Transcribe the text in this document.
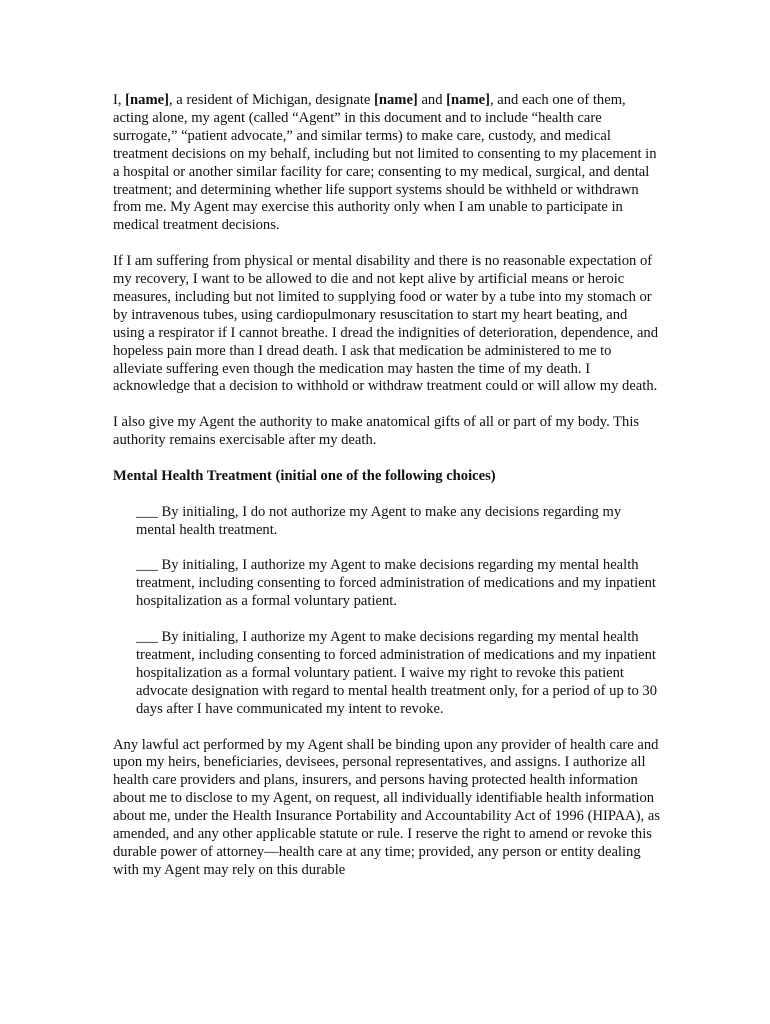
I, [name], a resident of Michigan, designate [name] and [name], and each one of them, acting alone, my agent (called “Agent” in this document and to include “health care surrogate,” “patient advocate,” and similar terms) to make care, custody, and medical treatment decisions on my behalf, including but not limited to consenting to my placement in a hospital or another similar facility for care; consenting to my medical, surgical, and dental treatment; and determining whether life support systems should be withheld or withdrawn from me. My Agent may exercise this authority only when I am unable to participate in medical treatment decisions.

If I am suffering from physical or mental disability and there is no reasonable expectation of my recovery, I want to be allowed to die and not kept alive by artificial means or heroic measures, including but not limited to supplying food or water by a tube into my stomach or by intravenous tubes, using cardiopulmonary resuscitation to start my heart beating, and using a respirator if I cannot breathe. I dread the indignities of deterioration, dependence, and hopeless pain more than I dread death. I ask that medication be administered to me to alleviate suffering even though the medication may hasten the time of my death. I acknowledge that a decision to withhold or withdraw treatment could or will allow my death.

I also give my Agent the authority to make anatomical gifts of all or part of my body. This authority remains exercisable after my death.

Mental Health Treatment (initial one of the following choices)

___ By initialing, I do not authorize my Agent to make any decisions regarding my mental health treatment.

___ By initialing, I authorize my Agent to make decisions regarding my mental health treatment, including consenting to forced administration of medications and my inpatient hospitalization as a formal voluntary patient.

___ By initialing, I authorize my Agent to make decisions regarding my mental health treatment, including consenting to forced administration of medications and my inpatient hospitalization as a formal voluntary patient. I waive my right to revoke this patient advocate designation with regard to mental health treatment only, for a period of up to 30 days after I have communicated my intent to revoke.

Any lawful act performed by my Agent shall be binding upon any provider of health care and upon my heirs, beneficiaries, devisees, personal representatives, and assigns. I authorize all health care providers and plans, insurers, and persons having protected health information about me to disclose to my Agent, on request, all individually identifiable health information about me, under the Health Insurance Portability and Accountability Act of 1996 (HIPAA), as amended, and any other applicable statute or rule. I reserve the right to amend or revoke this durable power of attorney—health care at any time; provided, any person or entity dealing with my Agent may rely on this durable
